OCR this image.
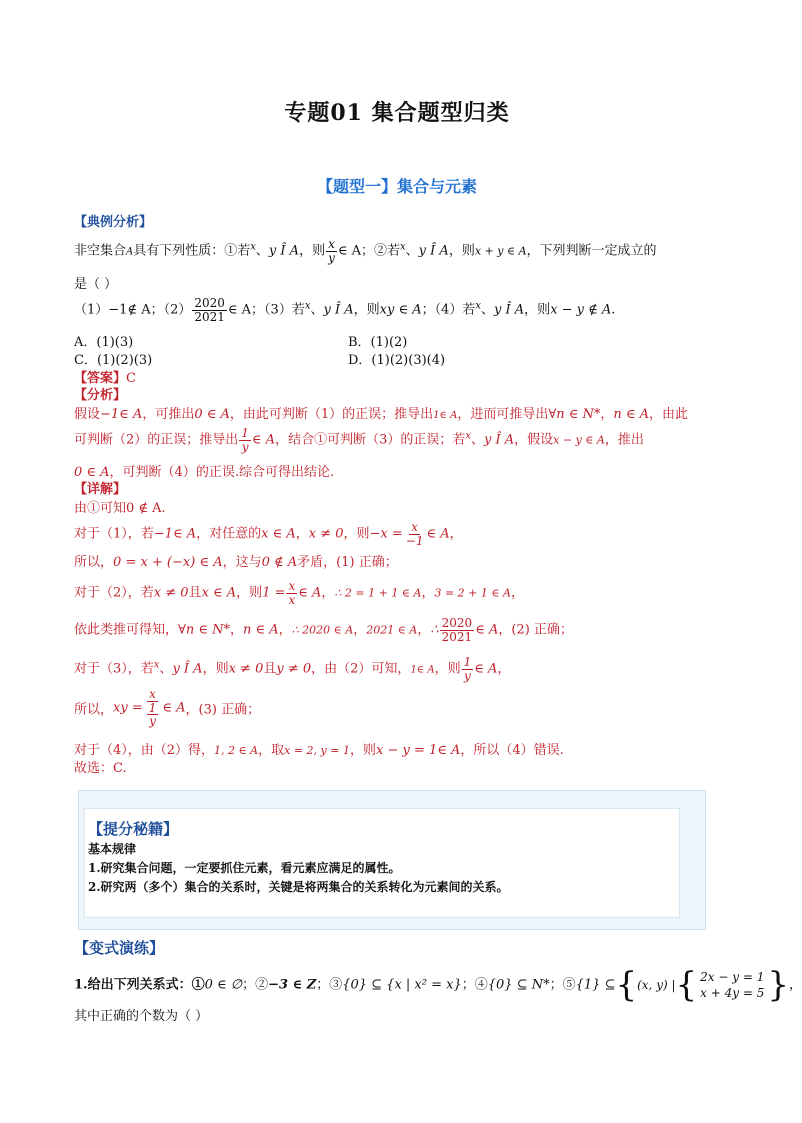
专题01 集合题型归类
【题型一】集合与元素
【典例分析】
非空集合A具有下列性质：①若$^x$、y Î A，则 $\frac{x}{y}$ ∈ A；②若$^x$、y Î A，则x + y ∈ A，下列判断一定成立的
是（ ）
（1）−1∉ A；$(2) \frac{2020}{2021}$ ∈ A；（3）若$^x$、y Î A，则xy ∈ A；（4）若$^x$、y Î A，则x − y ∉ A.
A．(1)(3)	B．(1)(2)
C．(1)(2)(3)	D．(1)(2)(3)(4)
【答案】C
【分析】
假设−1∈ A，可推出0 ∈ A，由此可判断（1）的正误；推导出1∈ A，进而可推导出∀n ∈ N*，n ∈ A，由此
可判断（2）的正误；推导出 $\frac{1}{y}$ ∈ A，结合①可判断（3）的正误；若$^x$、y Î A，假设x − y ∈ A，推出
0 ∈ A，可判断（4）的正误.综合可得出结论.
【详解】
由①可知0 ∉ A.
对于（1），若−1∈ A，对任意的x ∈ A，x ≠ 0，则$-x = \frac{x}{-1}$ ∈ A，
所以，0 = x + (−x) ∈ A，这与0 ∉ A矛盾，(1) 正确；
对于（2），若x ≠ 0且x ∈ A，则$1 = \frac{x}{x}$ ∈ A，∴ 2 = 1 + 1 ∈ A，3 = 2 + 1 ∈ A，
依此类推可得知，∀n ∈ N*，n ∈ A，∴ 2020 ∈ A，2021 ∈ A，∴ $\frac{2020}{2021}$ ∈ A，(2) 正确；
对于（3），若$^x$、y Î A，则x ≠ 0且y ≠ 0，由（2）可知，1∈ A，则 $\frac{1}{y}$ ∈ A，
所以，xy = $\frac{x}{\frac{1}{y}}$ ∈ A，(3) 正确；
对于（4），由（2）得，1, 2 ∈ A，取x = 2, y = 1，则x − y = 1∈ A，所以（4）错误.
故选：C.
【提分秘籍】
基本规律
1.研究集合问题，一定要抓住元素，看元素应满足的属性。
2.研究两（多个）集合的关系时，关键是将两集合的关系转化为元素间的关系。
【变式演练】
1.给出下列关系式：①0 ∈ ∅；②−3 ∈ Z；③{0} ⊆ {x | x² = x}；④{0} ⊆ N*；⑤{1} ⊆ { (x, y) | { 2x − y = 1
x + 4y = 5 } ，
其中正确的个数为（ ）
